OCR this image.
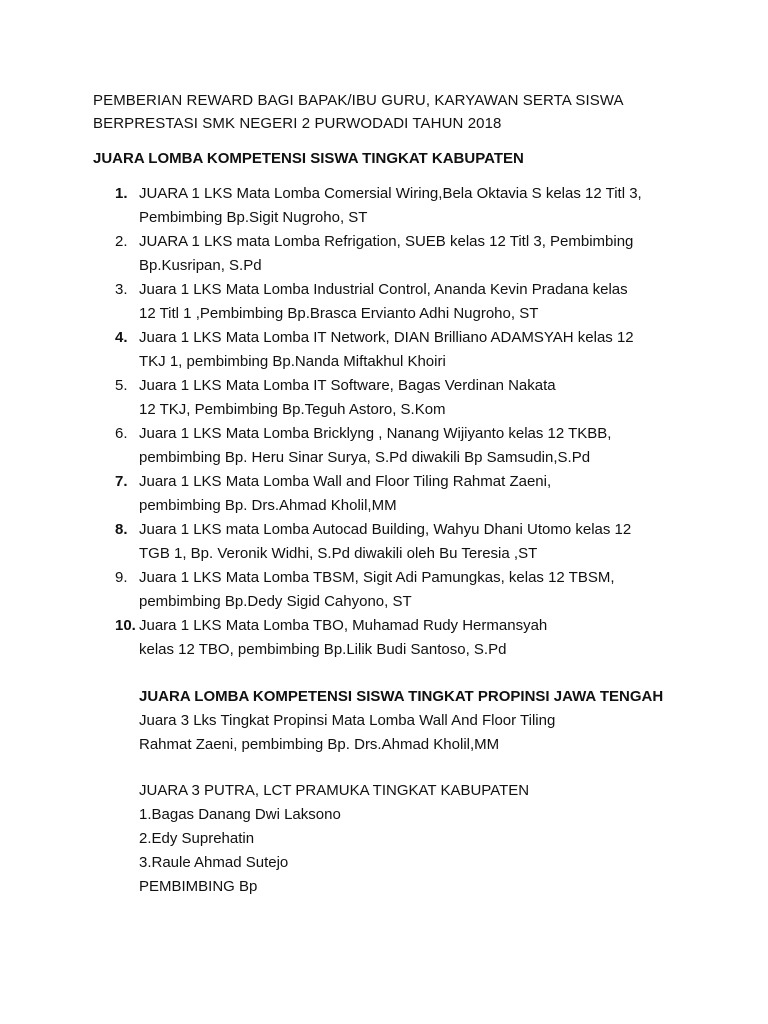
PEMBERIAN REWARD BAGI BAPAK/IBU GURU, KARYAWAN SERTA SISWA
BERPRESTASI SMK NEGERI 2 PURWODADI TAHUN 2018
JUARA LOMBA KOMPETENSI SISWA TINGKAT KABUPATEN
1. JUARA 1 LKS Mata Lomba Comersial Wiring,Bela Oktavia S kelas 12 Titl 3,
Pembimbing Bp.Sigit Nugroho, ST
2. JUARA 1 LKS mata Lomba Refrigation, SUEB kelas 12 Titl 3, Pembimbing
Bp.Kusripan, S.Pd
3. Juara 1 LKS Mata Lomba Industrial Control, Ananda Kevin Pradana kelas
12 Titl 1 ,Pembimbing Bp.Brasca Ervianto Adhi Nugroho, ST
4. Juara 1 LKS Mata Lomba IT Network, DIAN Brilliano ADAMSYAH kelas 12
TKJ 1, pembimbing Bp.Nanda Miftakhul Khoiri
5. Juara 1 LKS Mata Lomba IT Software, Bagas Verdinan Nakata
12 TKJ, Pembimbing Bp.Teguh Astoro, S.Kom
6. Juara 1 LKS Mata Lomba Bricklyng , Nanang Wijiyanto kelas 12 TKBB,
pembimbing Bp. Heru Sinar Surya, S.Pd diwakili Bp Samsudin,S.Pd
7. Juara 1 LKS Mata Lomba Wall and Floor Tiling Rahmat Zaeni,
pembimbing Bp. Drs.Ahmad Kholil,MM
8. Juara 1 LKS mata Lomba Autocad Building, Wahyu Dhani Utomo kelas 12
TGB 1, Bp. Veronik Widhi, S.Pd diwakili oleh Bu Teresia ,ST
9. Juara 1 LKS Mata Lomba TBSM, Sigit Adi Pamungkas, kelas 12 TBSM,
pembimbing Bp.Dedy Sigid Cahyono, ST
10. Juara 1 LKS Mata Lomba TBO, Muhamad Rudy Hermansyah
kelas 12 TBO, pembimbing Bp.Lilik Budi Santoso, S.Pd
JUARA LOMBA KOMPETENSI SISWA TINGKAT PROPINSI JAWA TENGAH
Juara 3 Lks Tingkat Propinsi Mata Lomba Wall And Floor Tiling
Rahmat Zaeni, pembimbing Bp. Drs.Ahmad Kholil,MM
JUARA 3 PUTRA, LCT PRAMUKA TINGKAT KABUPATEN
1.Bagas Danang Dwi Laksono
2.Edy Suprehatin
3.Raule Ahmad Sutejo
PEMBIMBING Bp
